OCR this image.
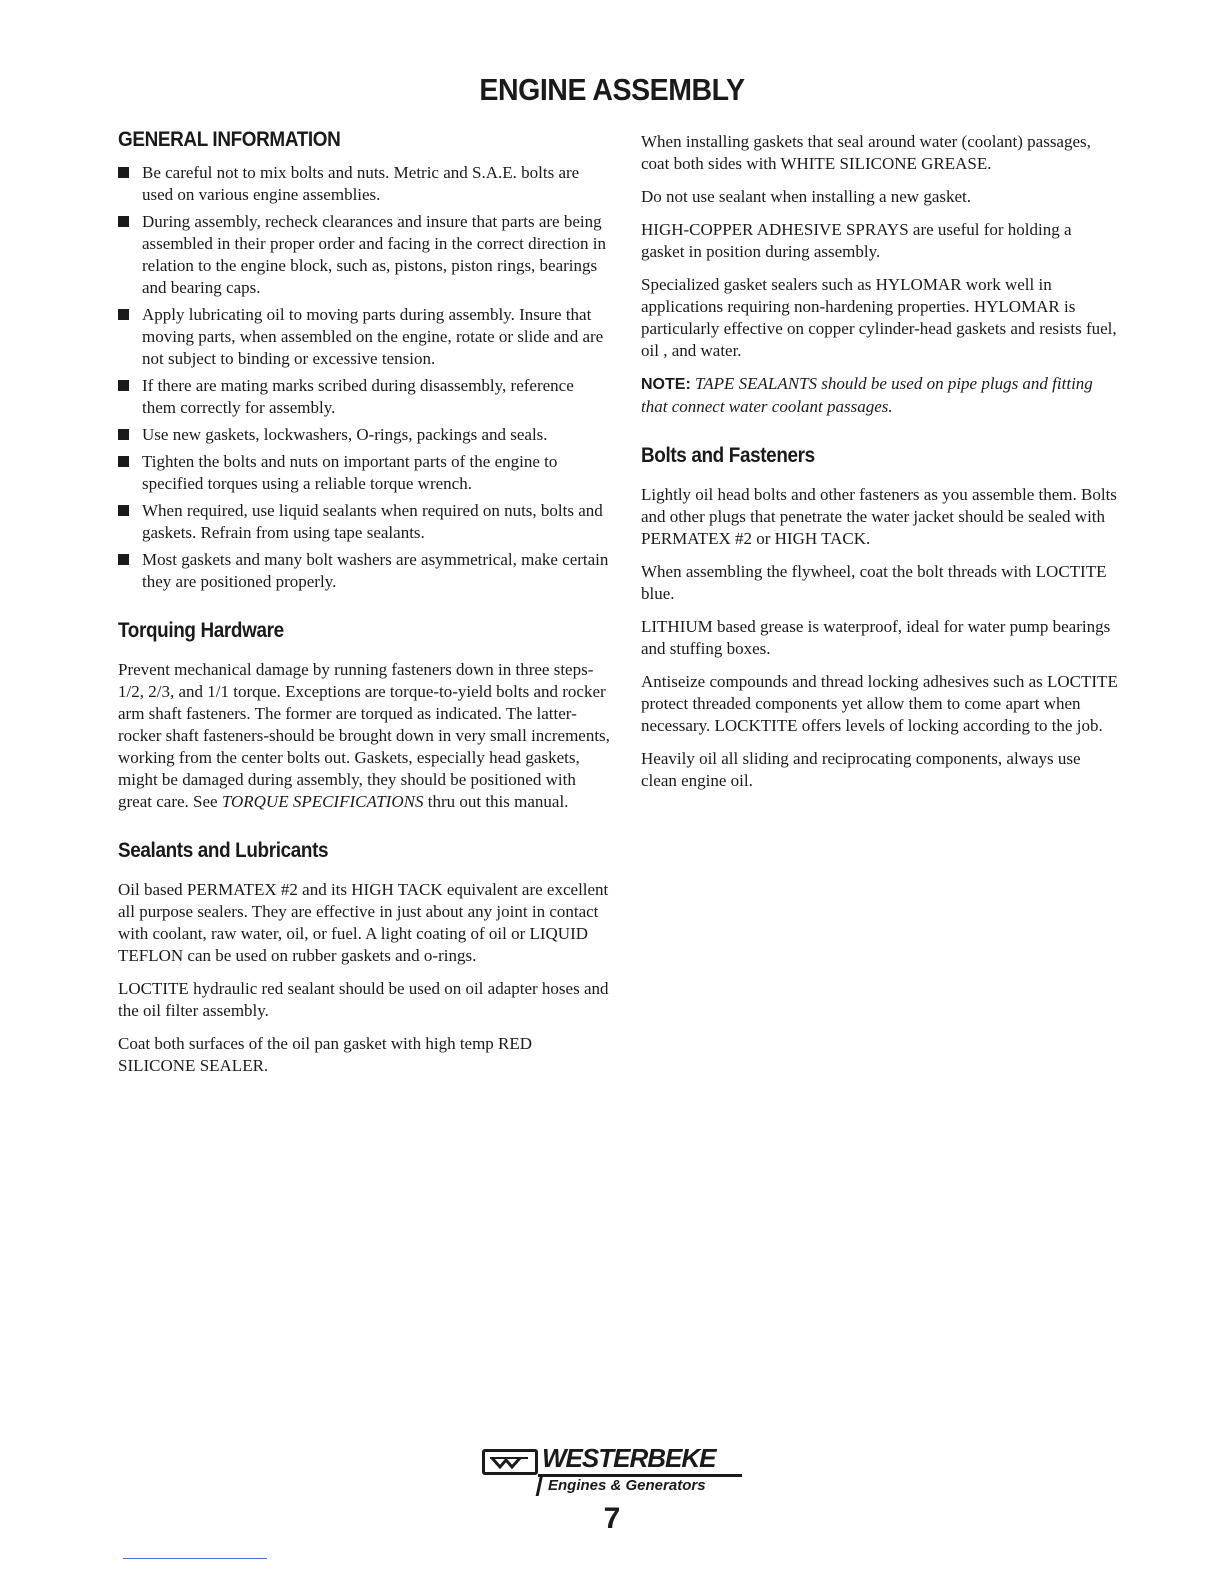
ENGINE ASSEMBLY
GENERAL INFORMATION
Be careful not to mix bolts and nuts. Metric and S.A.E. bolts are used on various engine assemblies.
During assembly, recheck clearances and insure that parts are being assembled in their proper order and facing in the correct direction in relation to the engine block, such as, pistons, piston rings, bearings and bearing caps.
Apply lubricating oil to moving parts during assembly. Insure that moving parts, when assembled on the engine, rotate or slide and are not subject to binding or excessive tension.
If there are mating marks scribed during disassembly, reference them correctly for assembly.
Use new gaskets, lockwashers, O-rings, packings and seals.
Tighten the bolts and nuts on important parts of the engine to specified torques using a reliable torque wrench.
When required, use liquid sealants when required on nuts, bolts and gaskets. Refrain from using tape sealants.
Most gaskets and many bolt washers are asymmetrical, make certain they are positioned properly.
Torquing Hardware

Prevent mechanical damage by running fasteners down in three steps-1/2, 2/3, and 1/1 torque. Exceptions are torque-to-yield bolts and rocker arm shaft fasteners. The former are torqued as indicated. The latter-rocker shaft fasteners-should be brought down in very small increments, working from the center bolts out. Gaskets, especially head gaskets, might be damaged during assembly, they should be positioned with great care. See TORQUE SPECIFICATIONS thru out this manual.

Sealants and Lubricants

Oil based PERMATEX #2 and its HIGH TACK equivalent are excellent all purpose sealers. They are effective in just about any joint in contact with coolant, raw water, oil, or fuel. A light coating of oil or LIQUID TEFLON can be used on rubber gaskets and o-rings.

LOCTITE hydraulic red sealant should be used on oil adapter hoses and the oil filter assembly.

Coat both surfaces of the oil pan gasket with high temp RED SILICONE SEALER.

When installing gaskets that seal around water (coolant) passages, coat both sides with WHITE SILICONE GREASE.

Do not use sealant when installing a new gasket.

HIGH-COPPER ADHESIVE SPRAYS are useful for holding a gasket in position during assembly.

Specialized gasket sealers such as HYLOMAR work well in applications requiring non-hardening properties. HYLOMAR is particularly effective on copper cylinder-head gaskets and resists fuel, oil , and water.

NOTE: TAPE SEALANTS should be used on pipe plugs and fitting that connect water coolant passages.

Bolts and Fasteners

Lightly oil head bolts and other fasteners as you assemble them. Bolts and other plugs that penetrate the water jacket should be sealed with PERMATEX #2 or HIGH TACK.

When assembling the flywheel, coat the bolt threads with LOCTITE blue.

LITHIUM based grease is waterproof, ideal for water pump bearings and stuffing boxes.

Antiseize compounds and thread locking adhesives such as LOCTITE protect threaded components yet allow them to come apart when necessary. LOCKTITE offers levels of locking according to the job.

Heavily oil all sliding and reciprocating components, always use clean engine oil.

WESTERBEKE
Engines & Generators
7
